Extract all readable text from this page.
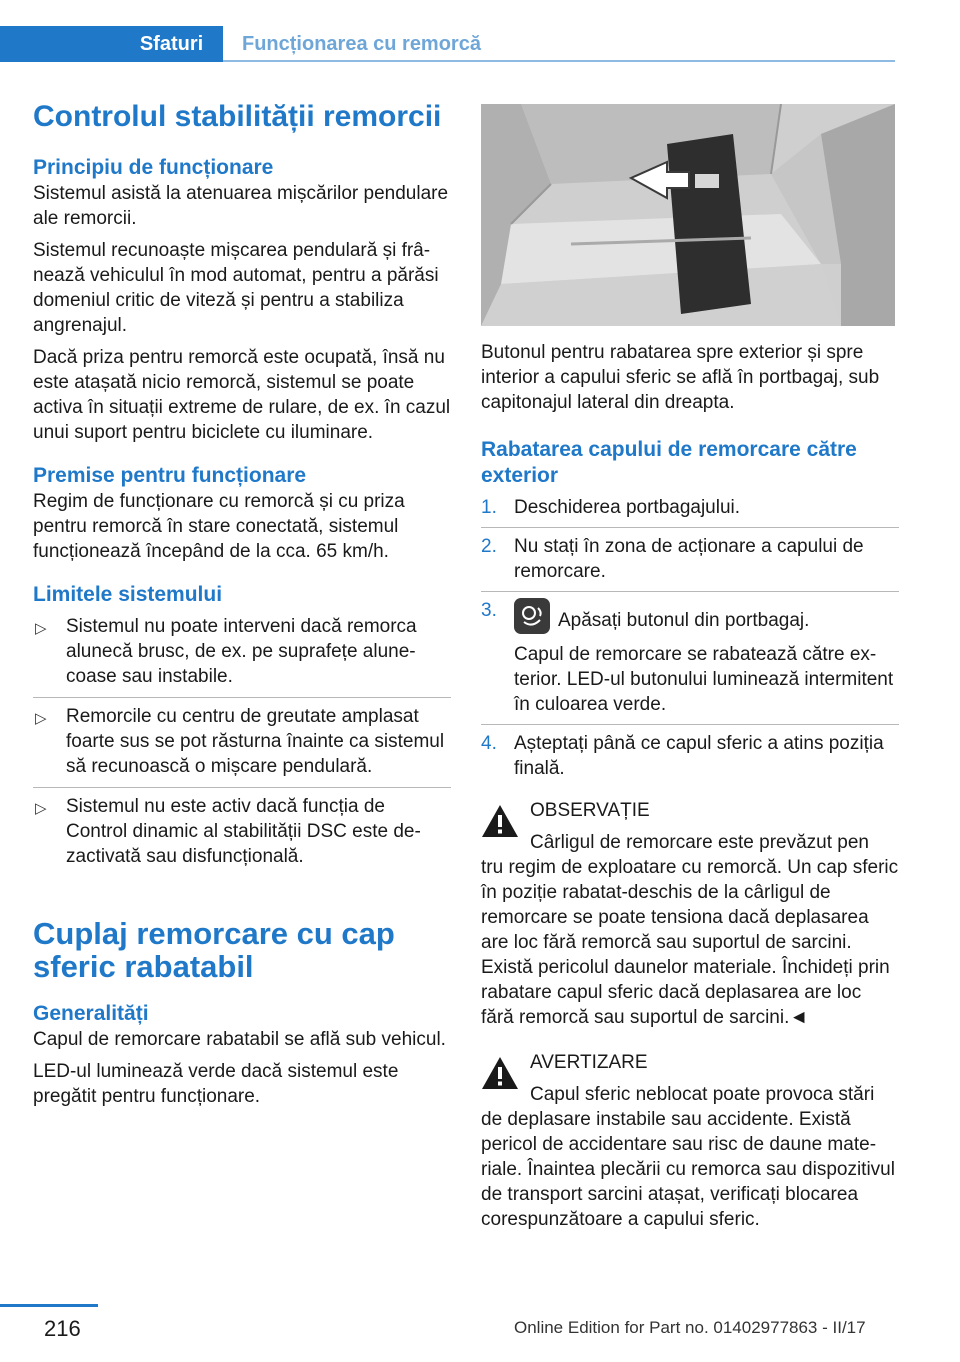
Sfaturi	Funcționarea cu remorcă
Controlul stabilității remorcii
Principiu de funcționare

Sistemul asistă la atenuarea mișcărilor pendulare ale remorcii.

Sistemul recunoaște mișcarea pendulară și frânează vehiculul în mod automat, pentru a părăsi domeniul critic de viteză și pentru a stabiliza angrenajul.

Dacă priza pentru remorcă este ocupată, însă nu este atașată nicio remorcă, sistemul se poate activa în situații extreme de rulare, de ex. în cazul unui suport pentru biciclete cu iluminare.

Premise pentru funcționare

Regim de funcționare cu remorcă și cu priza pentru remorcă în stare conectată, sistemul funcționează începând de la cca. 65 km/h.

Limitele sistemului
▷ Sistemul nu poate interveni dacă remorca alunecă brusc, de ex. pe suprafețe alunecoase sau instabile.
▷ Remorcile cu centru de greutate amplasat foarte sus se pot răsturna înainte ca sistemul să recunoască o mișcare pendulară.
▷ Sistemul nu este activ dacă funcția de Control dinamic al stabilității DSC este dezactivată sau disfuncțională.
Cuplaj remorcare cu cap sferic rabatabil
Generalități

Capul de remorcare rabatabil se află sub vehicul.

LED-ul luminează verde dacă sistemul este pregătit pentru funcționare.

Butonul pentru rabatarea spre exterior și spre interior a capului sferic se află în portbagaj, sub capitonajul lateral din dreapta.

Rabatarea capului de remorcare către exterior
1. Deschiderea portbagajului.
2. Nu stați în zona de acționare a capului de remorcare.
3.	Apăsați butonul din portbagaj.
Capul de remorcare se rabatează către exterior. LED-ul butonului luminează intermitent în culoarea verde.
4. Așteptați până ce capul sferic a atins poziția finală.
OBSERVAȚIE
Cârligul de remorcare este prevăzut pen
tru regim de exploatare cu remorcă. Un cap sferic în poziție rabatat-deschis de la cârligul de remorcare se poate tensiona dacă deplasarea are loc fără remorcă sau suportul de sarcini. Există pericolul daunelor materiale. Închideți prin rabatare capul sferic dacă deplasarea are loc fără remorcă sau suportul de sarcini.◄
AVERTIZARE
Capul sferic neblocat poate provoca stări
de deplasare instabile sau accidente. Există pericol de accidentare sau risc de daune materiale. Înaintea plecării cu remorca sau dispozitivul de transport sarcini atașat, verificați blocarea corespunzătoare a capului sferic.
216	Online Edition for Part no. 01402977863 - II/17
